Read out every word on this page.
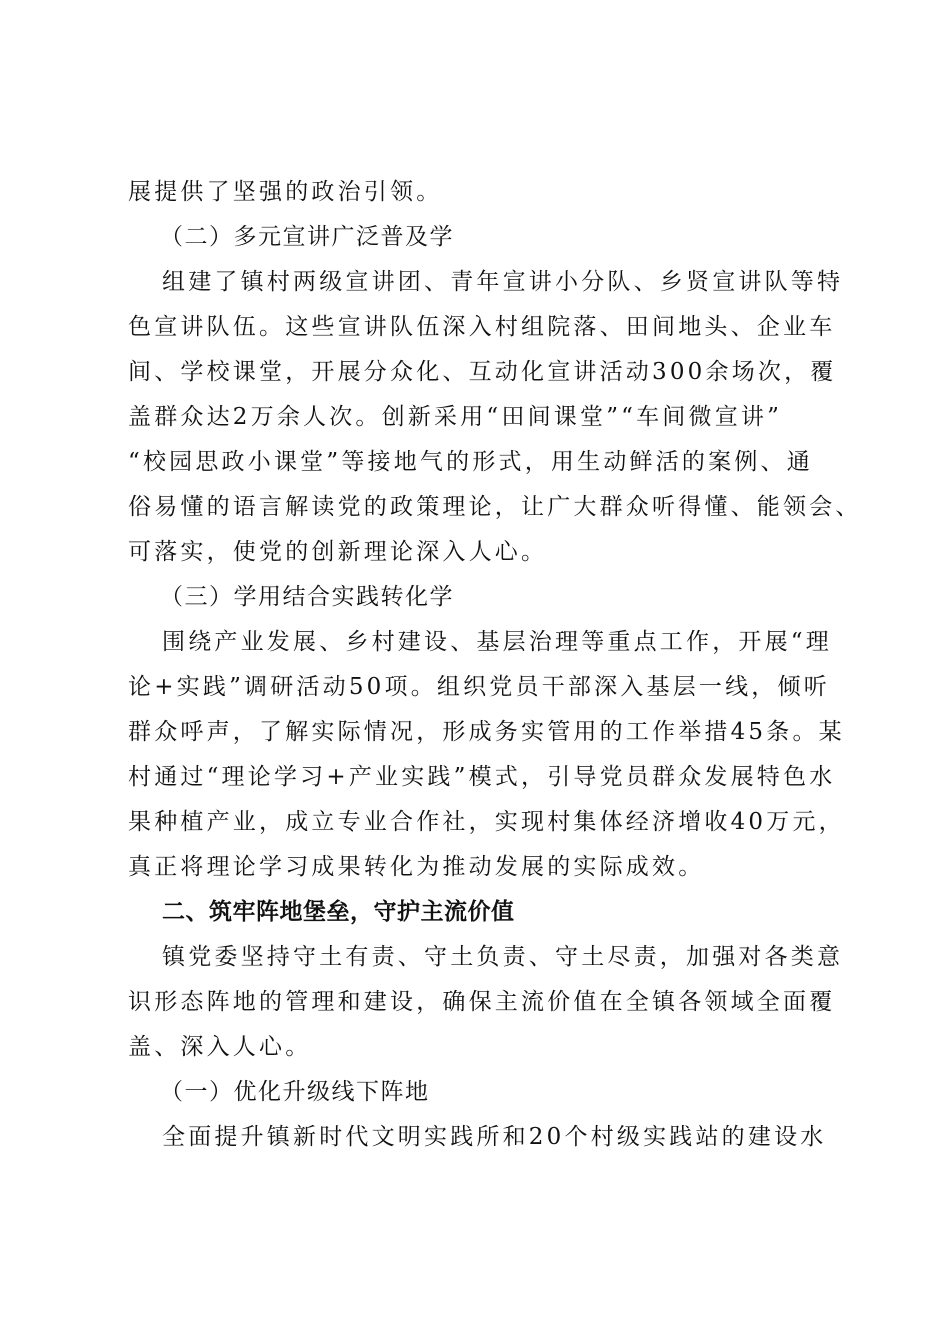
展提供了坚强的政治引领。
（二）多元宣讲广泛普及学
组建了镇村两级宣讲团、青年宣讲小分队、乡贤宣讲队等特
色宣讲队伍。这些宣讲队伍深入村组院落、田间地头、企业车
间、学校课堂，开展分众化、互动化宣讲活动300余场次，覆
盖群众达2万余人次。创新采用“田间课堂”“车间微宣讲”
“校园思政小课堂”等接地气的形式，用生动鲜活的案例、通
俗易懂的语言解读党的政策理论，让广大群众听得懂、能领会、
可落实，使党的创新理论深入人心。
（三）学用结合实践转化学
围绕产业发展、乡村建设、基层治理等重点工作，开展“理
论+实践”调研活动50项。组织党员干部深入基层一线，倾听
群众呼声，了解实际情况，形成务实管用的工作举措45条。某
村通过“理论学习+产业实践”模式，引导党员群众发展特色水
果种植产业，成立专业合作社，实现村集体经济增收40万元，
真正将理论学习成果转化为推动发展的实际成效。
二、筑牢阵地堡垒，守护主流价值
镇党委坚持守土有责、守土负责、守土尽责，加强对各类意
识形态阵地的管理和建设，确保主流价值在全镇各领域全面覆
盖、深入人心。
（一）优化升级线下阵地
全面提升镇新时代文明实践所和20个村级实践站的建设水
